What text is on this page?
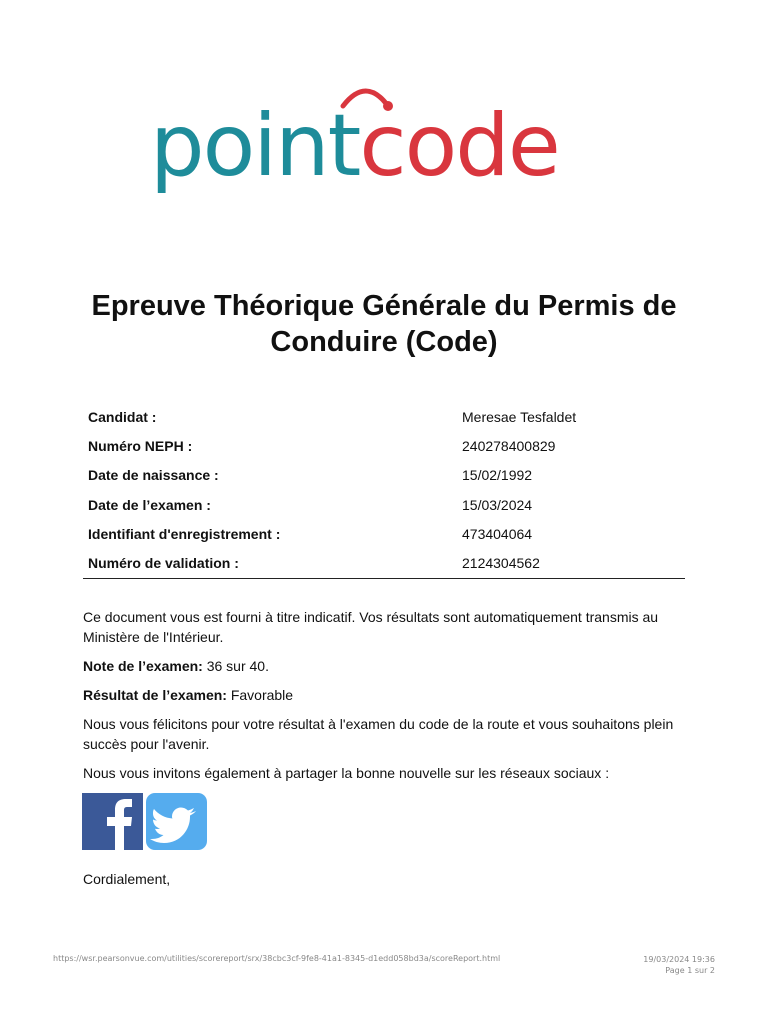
pointcode
Epreuve Théorique Générale du Permis de Conduire (Code)
Candidat :	Meresae Tesfaldet
Numéro NEPH :	240278400829
Date de naissance :	15/02/1992
Date de l’examen :	15/03/2024
Identifiant d'enregistrement :	473404064
Numéro de validation :	2124304562

Ce document vous est fourni à titre indicatif. Vos résultats sont automatiquement transmis au Ministère de l'Intérieur.

Note de l’examen: 36 sur 40.

Résultat de l’examen: Favorable

Nous vous félicitons pour votre résultat à l'examen du code de la route et vous souhaitons plein succès pour l'avenir.

Nous vous invitons également à partager la bonne nouvelle sur les réseaux sociaux :

Cordialement,
https://wsr.pearsonvue.com/utilities/scorereport/srx/38cbc3cf-9fe8-41a1-8345-d1edd058bd3a/scoreReport.html	19/03/2024 19:36
Page 1 sur 2
